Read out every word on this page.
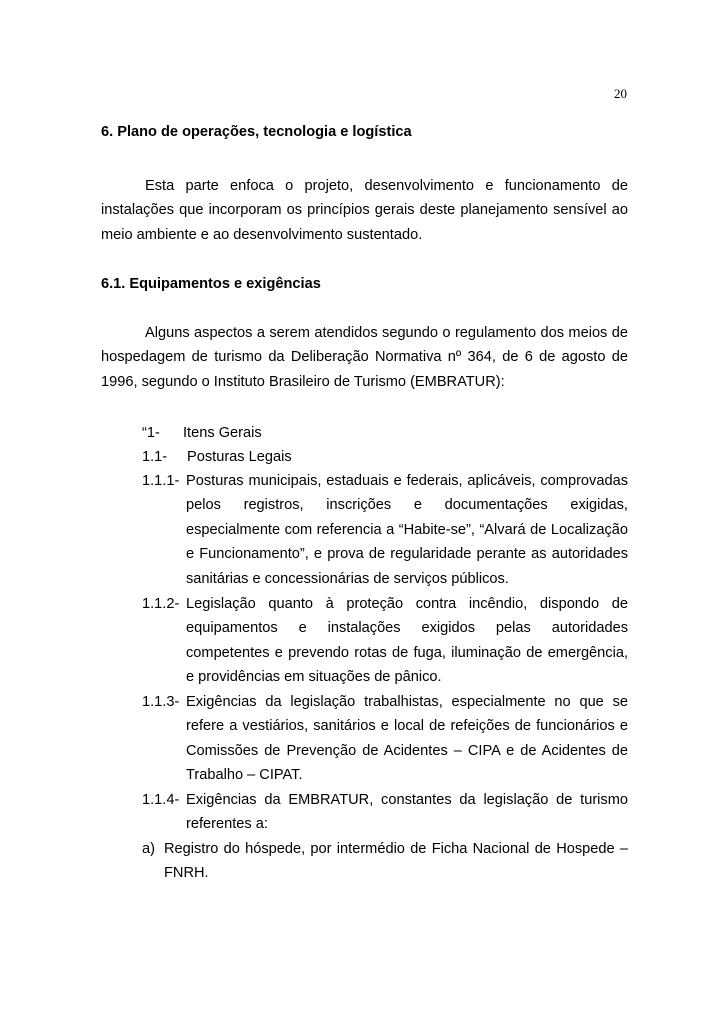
20
6. Plano de operações, tecnologia e logística
Esta parte enfoca o projeto, desenvolvimento e funcionamento de instalações que incorporam os princípios gerais deste planejamento sensível ao meio ambiente e ao desenvolvimento sustentado.
6.1. Equipamentos e exigências
Alguns aspectos a serem atendidos segundo o regulamento dos meios de hospedagem de turismo da Deliberação Normativa nº 364, de 6 de agosto de 1996, segundo o Instituto Brasileiro de Turismo (EMBRATUR):
“1- Itens Gerais
1.1- Posturas Legais
1.1.1- Posturas municipais, estaduais e federais, aplicáveis, comprovadas
pelos registros, inscrições e documentações exigidas, especialmente com referencia a “Habite-se”, “Alvará de Localização e Funcionamento”, e prova de regularidade perante as autoridades sanitárias e concessionárias de serviços públicos.
1.1.2- Legislação quanto à proteção contra incêndio, dispondo de
equipamentos e instalações exigidos pelas autoridades competentes e prevendo rotas de fuga, iluminação de emergência, e providências em situações de pânico.
1.1.3- Exigências da legislação trabalhistas, especialmente no que se
refere a vestiários, sanitários e local de refeições de funcionários e Comissões de Prevenção de Acidentes – CIPA e de Acidentes de Trabalho – CIPAT.
1.1.4- Exigências da EMBRATUR, constantes da legislação de turismo
referentes a:
a) Registro do hóspede, por intermédio de Ficha Nacional de Hospede –
FNRH.
